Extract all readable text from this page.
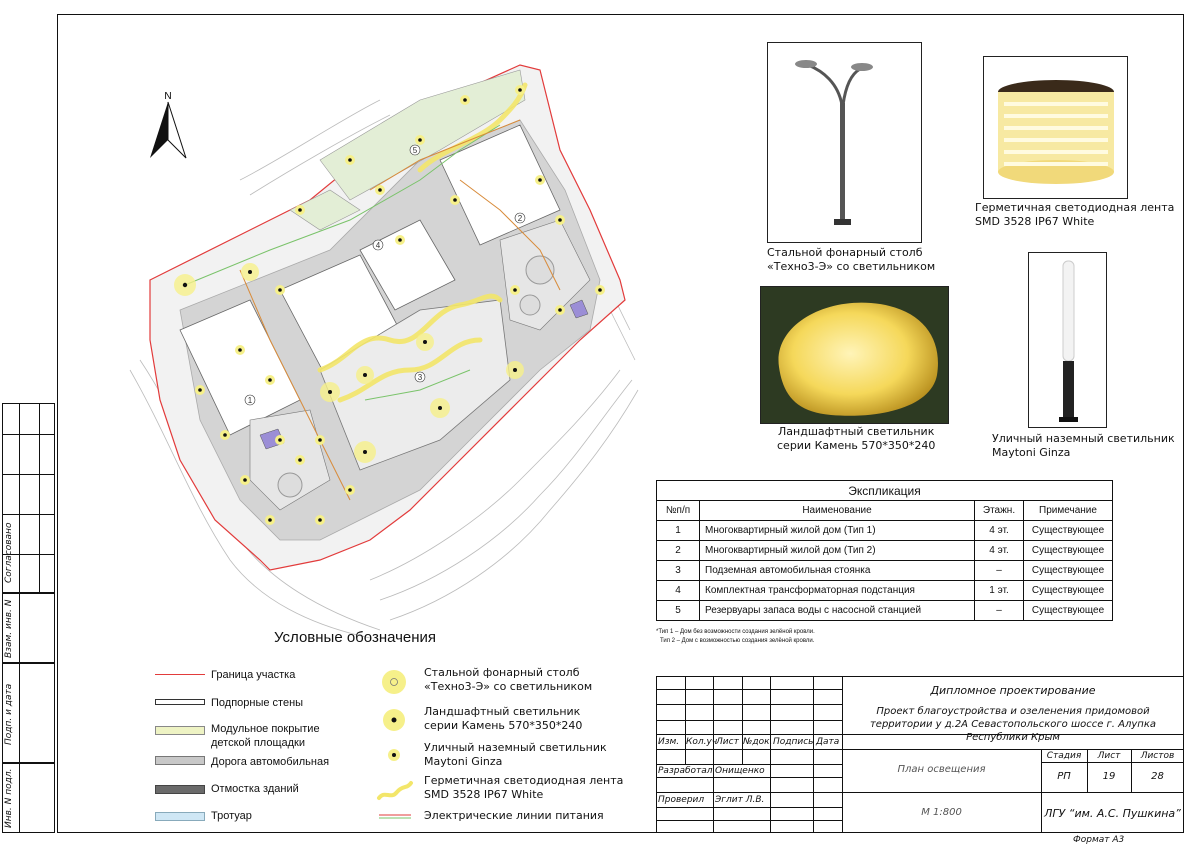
Согласовано
Взам. инв. N
Подп. и дата
Инв. N подл.
1
2
3
4
5
N
Стальной фонарный столб
«Техно3-Э» со светильником
Герметичная светодиодная лента
SMD 3528 IP67 White
Ландшафтный светильник
серии Камень 570*350*240
Уличный наземный светильник
Maytoni Ginza
Экспликация			
№п/п	Наименование	Этажн.	Примечание
1	Многоквартирный жилой дом (Тип 1)	4 эт.	Существующее
2	Многоквартирный жилой дом (Тип 2)	4 эт.	Существующее
3	Подземная автомобильная стоянка	–	Существующее
4	Комплектная трансформаторная подстанция	1 эт.	Существующее
5	Резервуары запаса воды с насосной станцией	–	Существующее
*Тип 1 – Дом без возможности создания зелёной кровли.
Тип 2 – Дом с возможностью создания зелёной кровли.
Условные обозначения
Граница участка
Подпорные стены
Модульное покрытие
детской площадки
Дорога автомобильная
Отмостка зданий
Тротуар
Стальной фонарный столб
«Техно3-Э» со светильником
Ландшафтный светильник
серии Камень 570*350*240
Уличный наземный светильник
Maytoni Ginza
Герметичная светодиодная лента
SMD 3528 IP67 White
Электрические линии питания
Изм. Кол.уч
Лист №док. Подпись Дата
Разработал Онищенко
Проверил Эглит Л.В.
Дипломное проектирование
Проект благоустройства и озеленения придомовой
территории у д.2А Севастопольского шоссе г. Алупка
Республики Крым
План освещения
Стадия	Лист	Листов
РП	19	28
М 1:800	ЛГУ “им. А.С. Пушкина”
Формат А3
